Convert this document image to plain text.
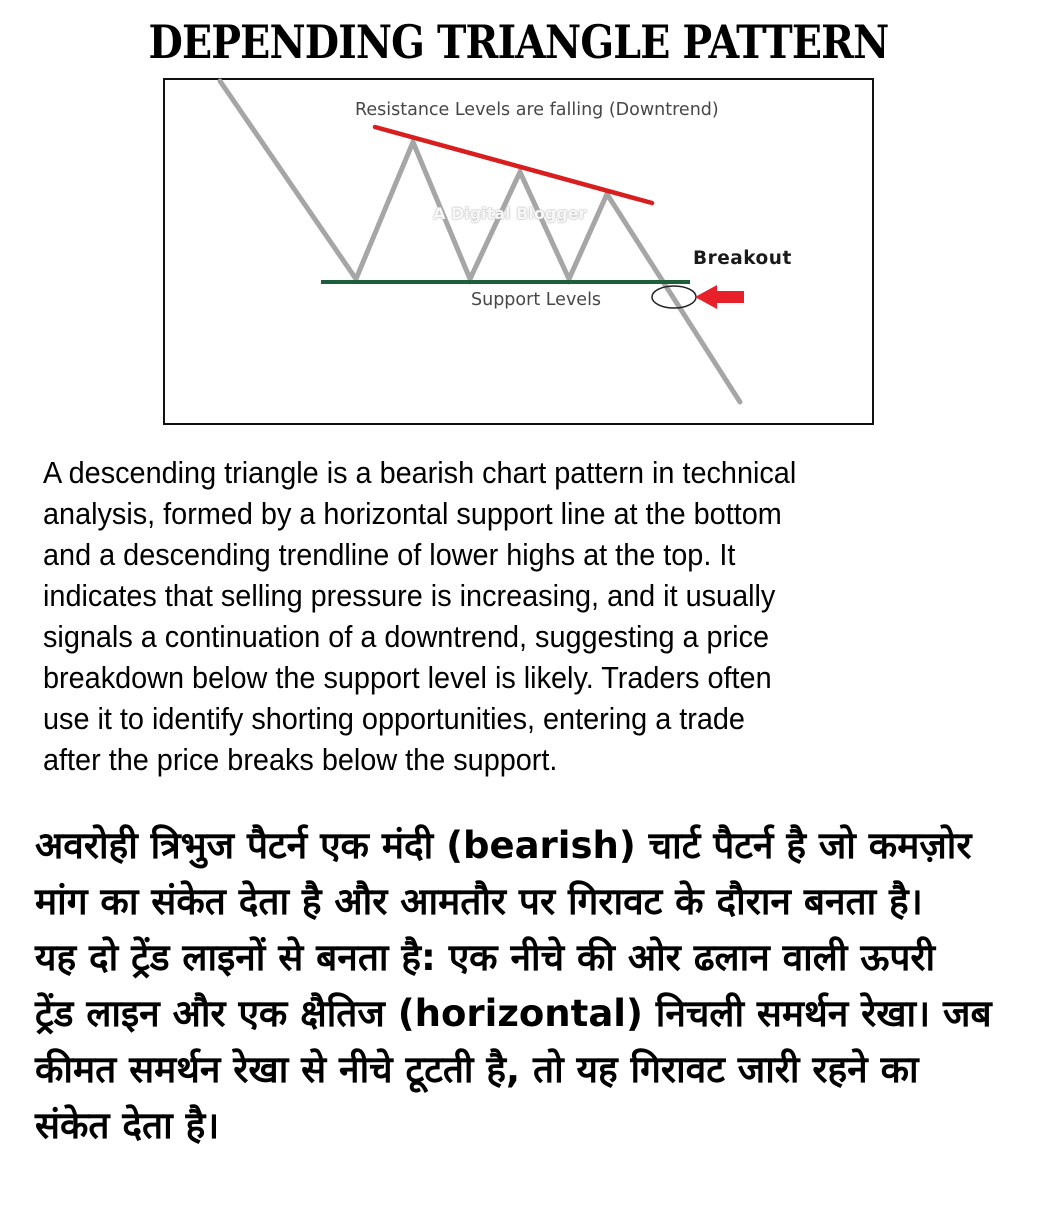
DEPENDING TRIANGLE PATTERN
Resistance Levels are falling (Downtrend)
A Digital Blogger
Breakout
Support Levels

A descending triangle is a bearish chart pattern in technical
analysis, formed by a horizontal support line at the bottom
and a descending trendline of lower highs at the top. It
indicates that selling pressure is increasing, and it usually
signals a continuation of a downtrend, suggesting a price
breakdown below the support level is likely. Traders often
use it to identify shorting opportunities, entering a trade
after the price breaks below the support.

अवरोही त्रिभुज पैटर्न एक मंदी (bearish) चार्ट पैटर्न है जो कमज़ोर
मांग का संकेत देता है और आमतौर पर गिरावट के दौरान बनता है।
यह दो ट्रेंड लाइनों से बनता है: एक नीचे की ओर ढलान वाली ऊपरी
ट्रेंड लाइन और एक क्षैतिज (horizontal) निचली समर्थन रेखा। जब
कीमत समर्थन रेखा से नीचे टूटती है, तो यह गिरावट जारी रहने का
संकेत देता है।
